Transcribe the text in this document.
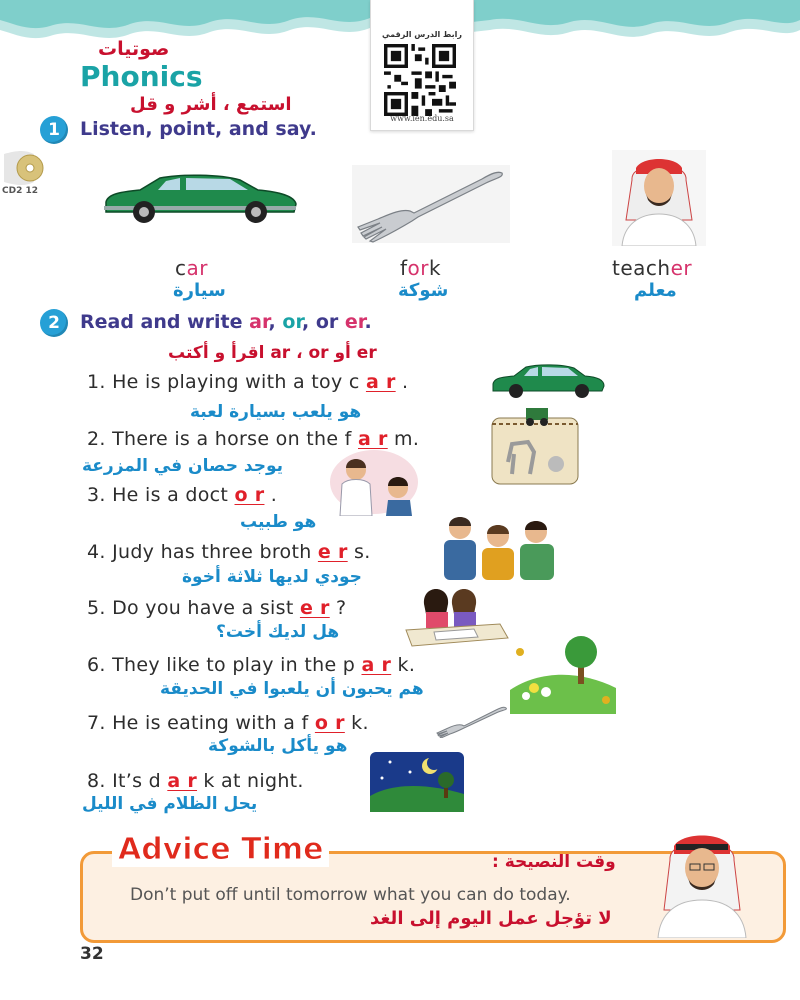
رابط الدرس الرقمي
www.ien.edu.sa
صوتيات
Phonics
استمع ، أشر و قل
1	Listen, point, and say.
CD2 12
car
سيارة
fork
شوكة
teacher
معلم
2	Read and write ar, or, or er.
اقرأ و أكتب ar ، or أو er
1. He is playing with a toy c a r .
هو يلعب بسيارة لعبة
2. There is a horse on the f a r m.
يوجد حصان في المزرعة
3. He is a doct o r .
هو طبيب
4. Judy has three broth e r s.
جودي لديها ثلاثة أخوة
5. Do you have a sist e r ?
هل لديك أخت؟
6. They like to play in the p a r k.
هم يحبون أن يلعبوا في الحديقة
7. He is eating with a f o r k.
هو يأكل بالشوكة
8. It’s d a r k at night.
يحل الظلام في الليل
Advice Time	وقت النصيحة :
Don’t put off until tomorrow what you can do today.
لا تؤجل عمل اليوم إلى الغد
32
